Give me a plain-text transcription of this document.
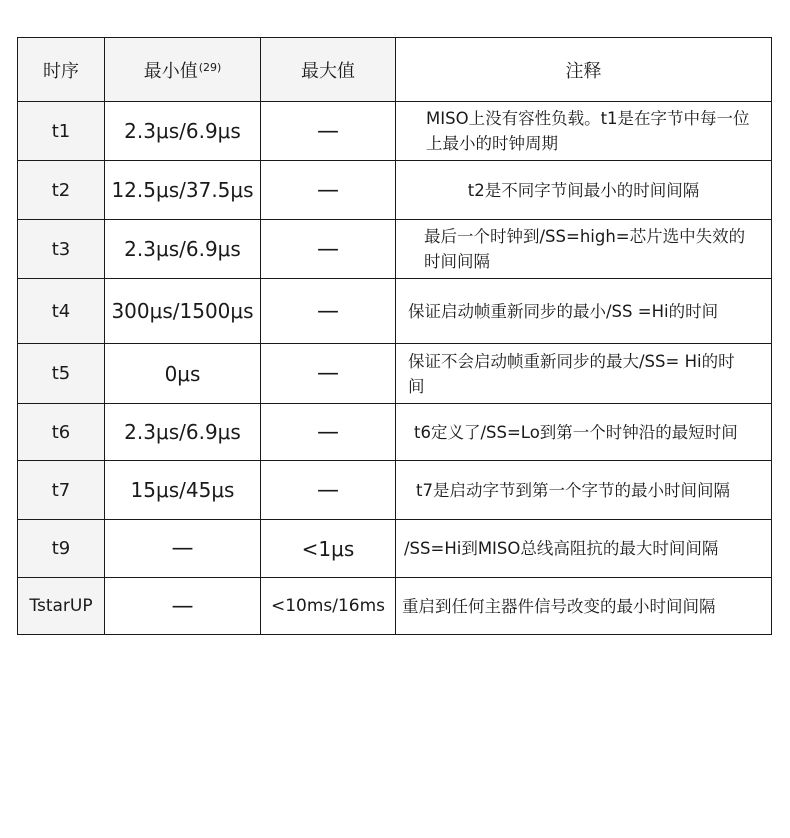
时序	最小值$^{(29)}$	最大值	注释
t1	2.3μs/6.9μs	—	MISO上没有容性负载。t1是在字节中每一位上最小的时钟周期
t2	12.5μs/37.5μs	—	t2是不同字节间最小的时间间隔
t3	2.3μs/6.9μs	—	最后一个时钟到/SS=high=芯片选中失效的时间间隔
t4	300μs/1500μs	—	保证启动帧重新同步的最小/SS =Hi的时间
t5	0μs	—	保证不会启动帧重新同步的最大/SS= Hi的时间
t6	2.3μs/6.9μs	—	t6定义了/SS=Lo到第一个时钟沿的最短时间
t7	15μs/45μs	—	t7是启动字节到第一个字节的最小时间间隔
t9	—	<1μs	/SS=Hi到MISO总线高阻抗的最大时间间隔
TstarUP	—	<10ms/16ms	重启到任何主器件信号改变的最小时间间隔
